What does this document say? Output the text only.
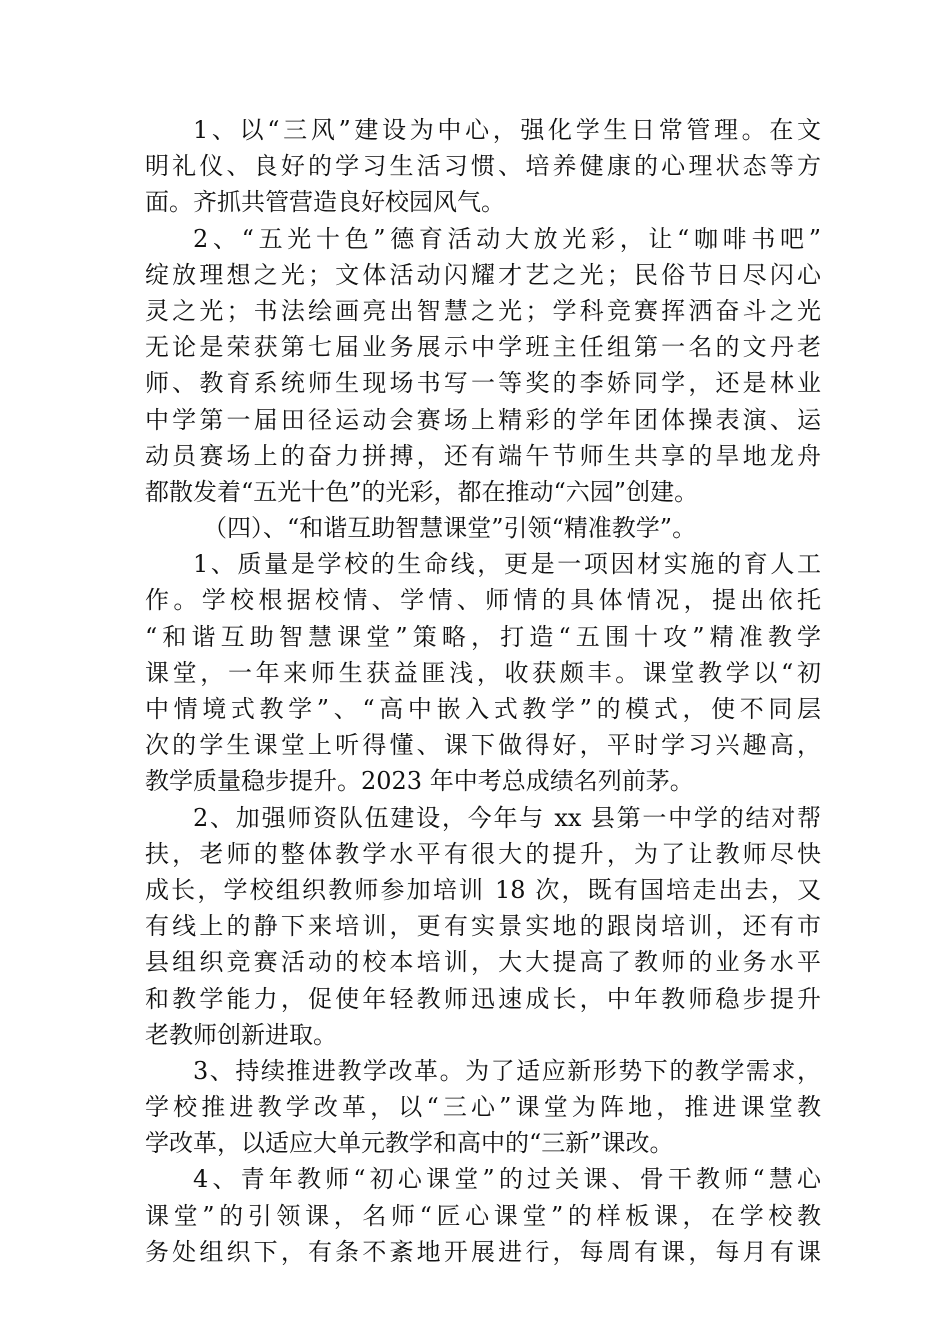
1、以“三风”建设为中心，强化学生日常管理。在文
明礼仪、良好的学习生活习惯、培养健康的心理状态等方
面。齐抓共管营造良好校园风气。
2、“五光十色”德育活动大放光彩，让“咖啡书吧”
绽放理想之光；文体活动闪耀才艺之光；民俗节日尽闪心
灵之光；书法绘画亮出智慧之光；学科竞赛挥洒奋斗之光
无论是荣获第七届业务展示中学班主任组第一名的文丹老
师、教育系统师生现场书写一等奖的李娇同学，还是林业
中学第一届田径运动会赛场上精彩的学年团体操表演、运
动员赛场上的奋力拼搏，还有端午节师生共享的旱地龙舟
都散发着“五光十色”的光彩，都在推动“六园”创建。
（四）、“和谐互助智慧课堂”引领“精准教学”。
1、质量是学校的生命线，更是一项因材实施的育人工
作。学校根据校情、学情、师情的具体情况，提出依托
“和谐互助智慧课堂”策略，打造“五围十攻”精准教学
课堂，一年来师生获益匪浅，收获颇丰。课堂教学以“初
中情境式教学”、“高中嵌入式教学”的模式，使不同层
次的学生课堂上听得懂、课下做得好，平时学习兴趣高，
教学质量稳步提升。2023 年中考总成绩名列前茅。
2、加强师资队伍建设，今年与 xx 县第一中学的结对帮
扶，老师的整体教学水平有很大的提升，为了让教师尽快
成长，学校组织教师参加培训 18 次，既有国培走出去，又
有线上的静下来培训，更有实景实地的跟岗培训，还有市
县组织竞赛活动的校本培训，大大提高了教师的业务水平
和教学能力，促使年轻教师迅速成长，中年教师稳步提升
老教师创新进取。
3、持续推进教学改革。为了适应新形势下的教学需求，
学校推进教学改革，以“三心”课堂为阵地，推进课堂教
学改革，以适应大单元教学和高中的“三新”课改。
4、青年教师“初心课堂”的过关课、骨干教师“慧心
课堂”的引领课，名师“匠心课堂”的样板课，在学校教
务处组织下，有条不紊地开展进行，每周有课，每月有课
